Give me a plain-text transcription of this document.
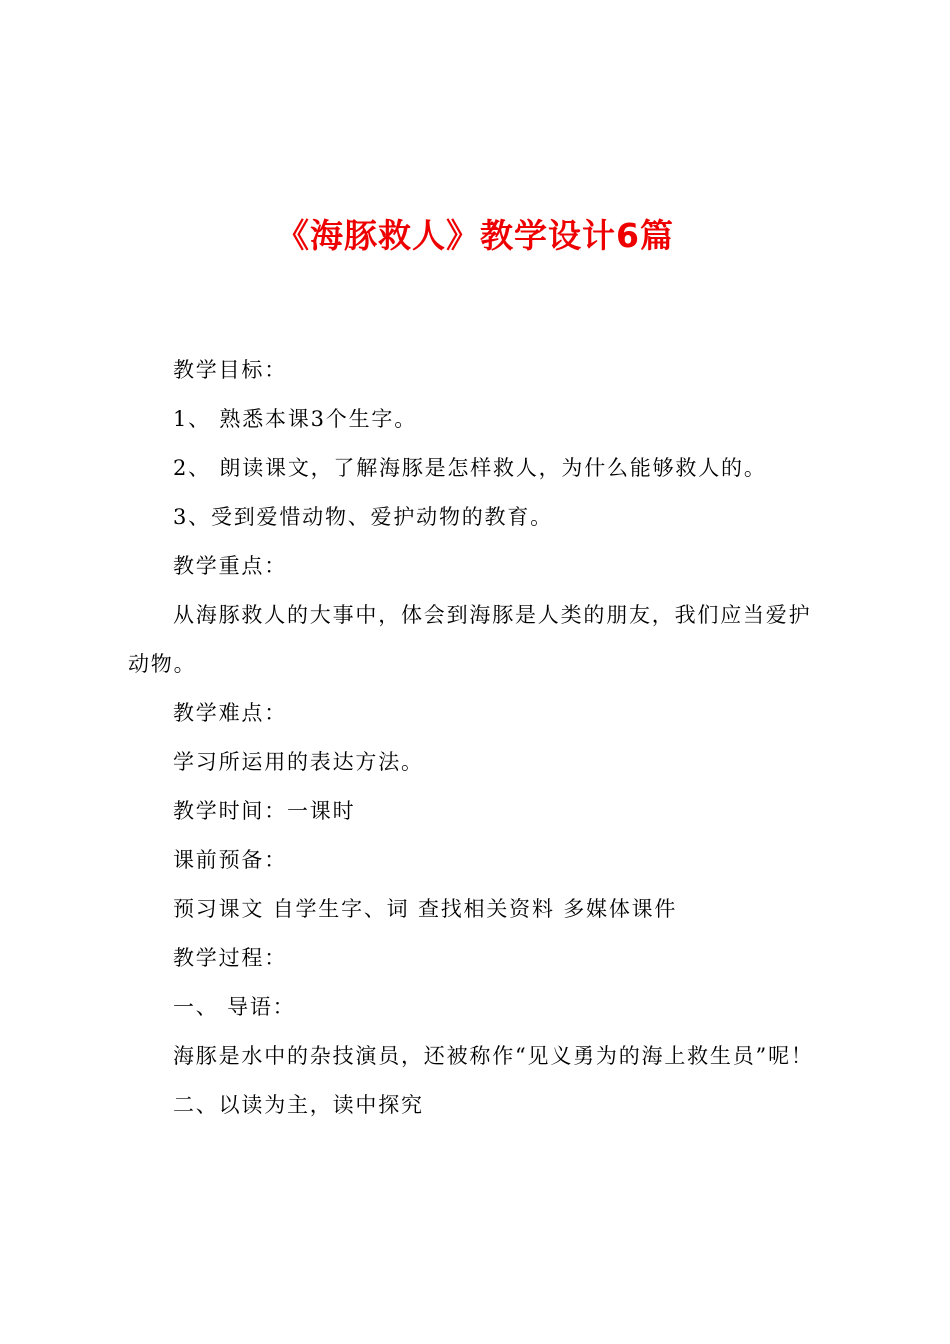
《海豚救人》教学设计6篇

教学目标：

1、 熟悉本课3个生字。

2、 朗读课文，了解海豚是怎样救人，为什么能够救人的。

3、受到爱惜动物、爱护动物的教育。

教学重点：

从海豚救人的大事中，体会到海豚是人类的朋友，我们应当爱护动物。

教学难点：

学习所运用的表达方法。

教学时间：一课时

课前预备：

预习课文 自学生字、词 查找相关资料 多媒体课件

教学过程：

一、 导语：

海豚是水中的杂技演员，还被称作“见义勇为的海上救生员”呢！

二、以读为主，读中探究
